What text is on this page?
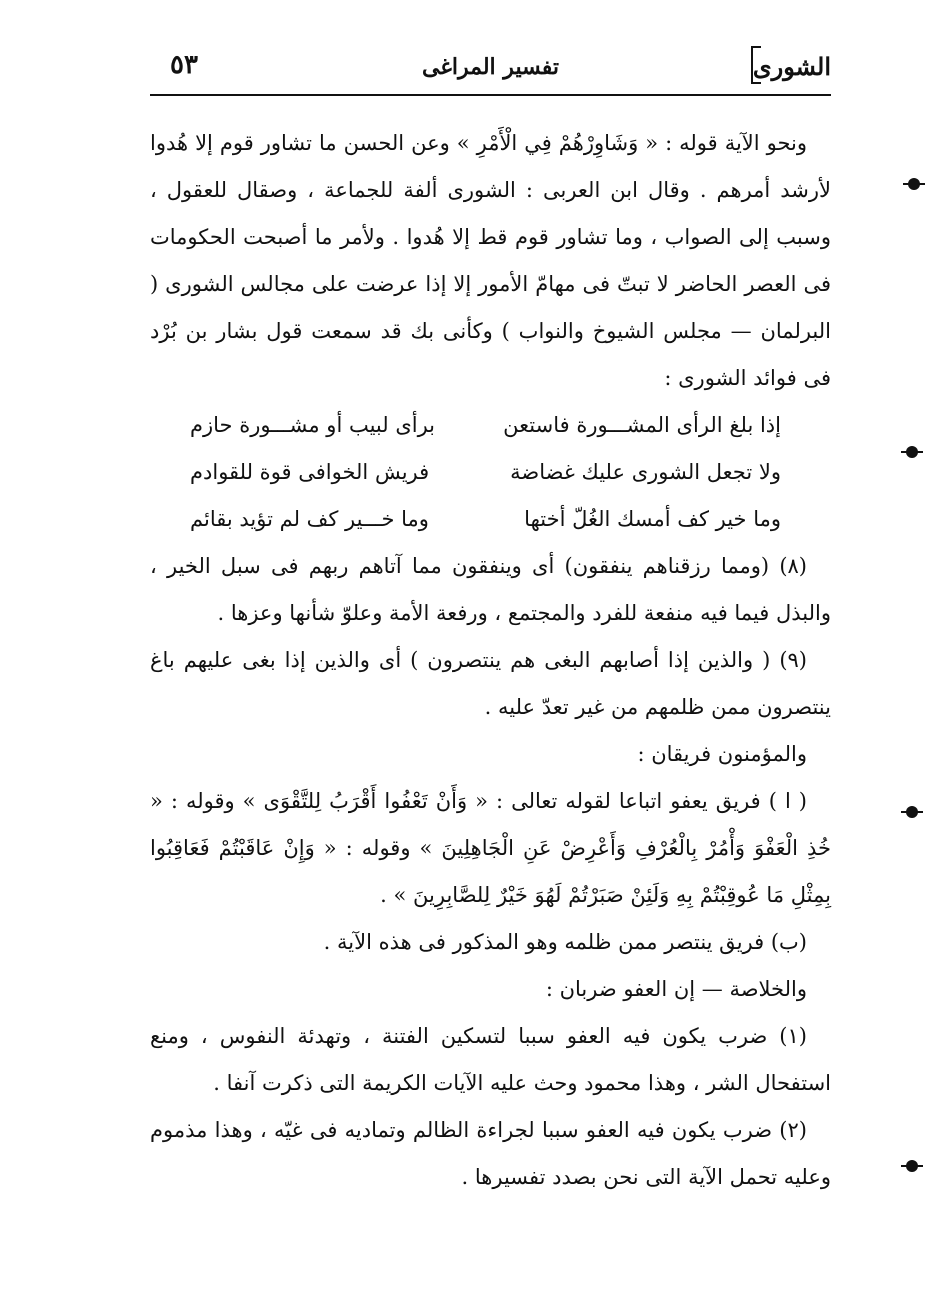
الشورى
تفسير المراغى
٥٣

ونحو الآية قوله : « وَشَاوِرْهُمْ فِي الْأَمْرِ » وعن الحسن ما تشاور قوم إلا هُدوا لأرشد أمرهم . وقال ابن العربى : الشورى ألفة للجماعة ، وصقال للعقول ، وسبب إلى الصواب ، وما تشاور قوم قط إلا هُدوا . ولأمر ما أصبحت الحكومات فى العصر الحاضر لا تبتّ فى مهامّ الأمور إلا إذا عرضت على مجالس الشورى ( البرلمان — مجلس الشيوخ والنواب ) وكأنى بك قد سمعت قول بشار بن بُرْد فى فوائد الشورى :

إذا بلغ الرأى المشـــورة فاستعن
برأى لبيب أو مشـــورة حازم
ولا تجعل الشورى عليك غضاضة
فريش الخوافى قوة للقوادم
وما خير كف أمسك الغُلّ أختها
وما خـــير كف لم تؤيد بقائم

(٨) (ومما رزقناهم ينفقون) أى وينفقون مما آتاهم ربهم فى سبل الخير ، والبذل فيما فيه منفعة للفرد والمجتمع ، ورفعة الأمة وعلوّ شأنها وعزها .

(٩) ( والذين إذا أصابهم البغى هم ينتصرون ) أى والذين إذا بغى عليهم باغ ينتصرون ممن ظلمهم من غير تعدّ عليه .

والمؤمنون فريقان :

( ا ) فريق يعفو اتباعا لقوله تعالى : « وَأَنْ تَعْفُوا أَقْرَبُ لِلتَّقْوَى » وقوله : « خُذِ الْعَفْوَ وَأْمُرْ بِالْعُرْفِ وَأَعْرِضْ عَنِ الْجَاهِلِينَ » وقوله : « وَإِنْ عَاقَبْتُمْ فَعَاقِبُوا بِمِثْلِ مَا عُوقِبْتُمْ بِهِ وَلَئِنْ صَبَرْتُمْ لَهُوَ خَيْرٌ لِلصَّابِرِينَ » .

(ب) فريق ينتصر ممن ظلمه وهو المذكور فى هذه الآية .

والخلاصة — إن العفو ضربان :

(١) ضرب يكون فيه العفو سببا لتسكين الفتنة ، وتهدئة النفوس ، ومنع استفحال الشر ، وهذا محمود وحث عليه الآيات الكريمة التى ذكرت آنفا .

(٢) ضرب يكون فيه العفو سببا لجراءة الظالم وتماديه فى غيّه ، وهذا مذموم وعليه تحمل الآية التى نحن بصدد تفسيرها .
